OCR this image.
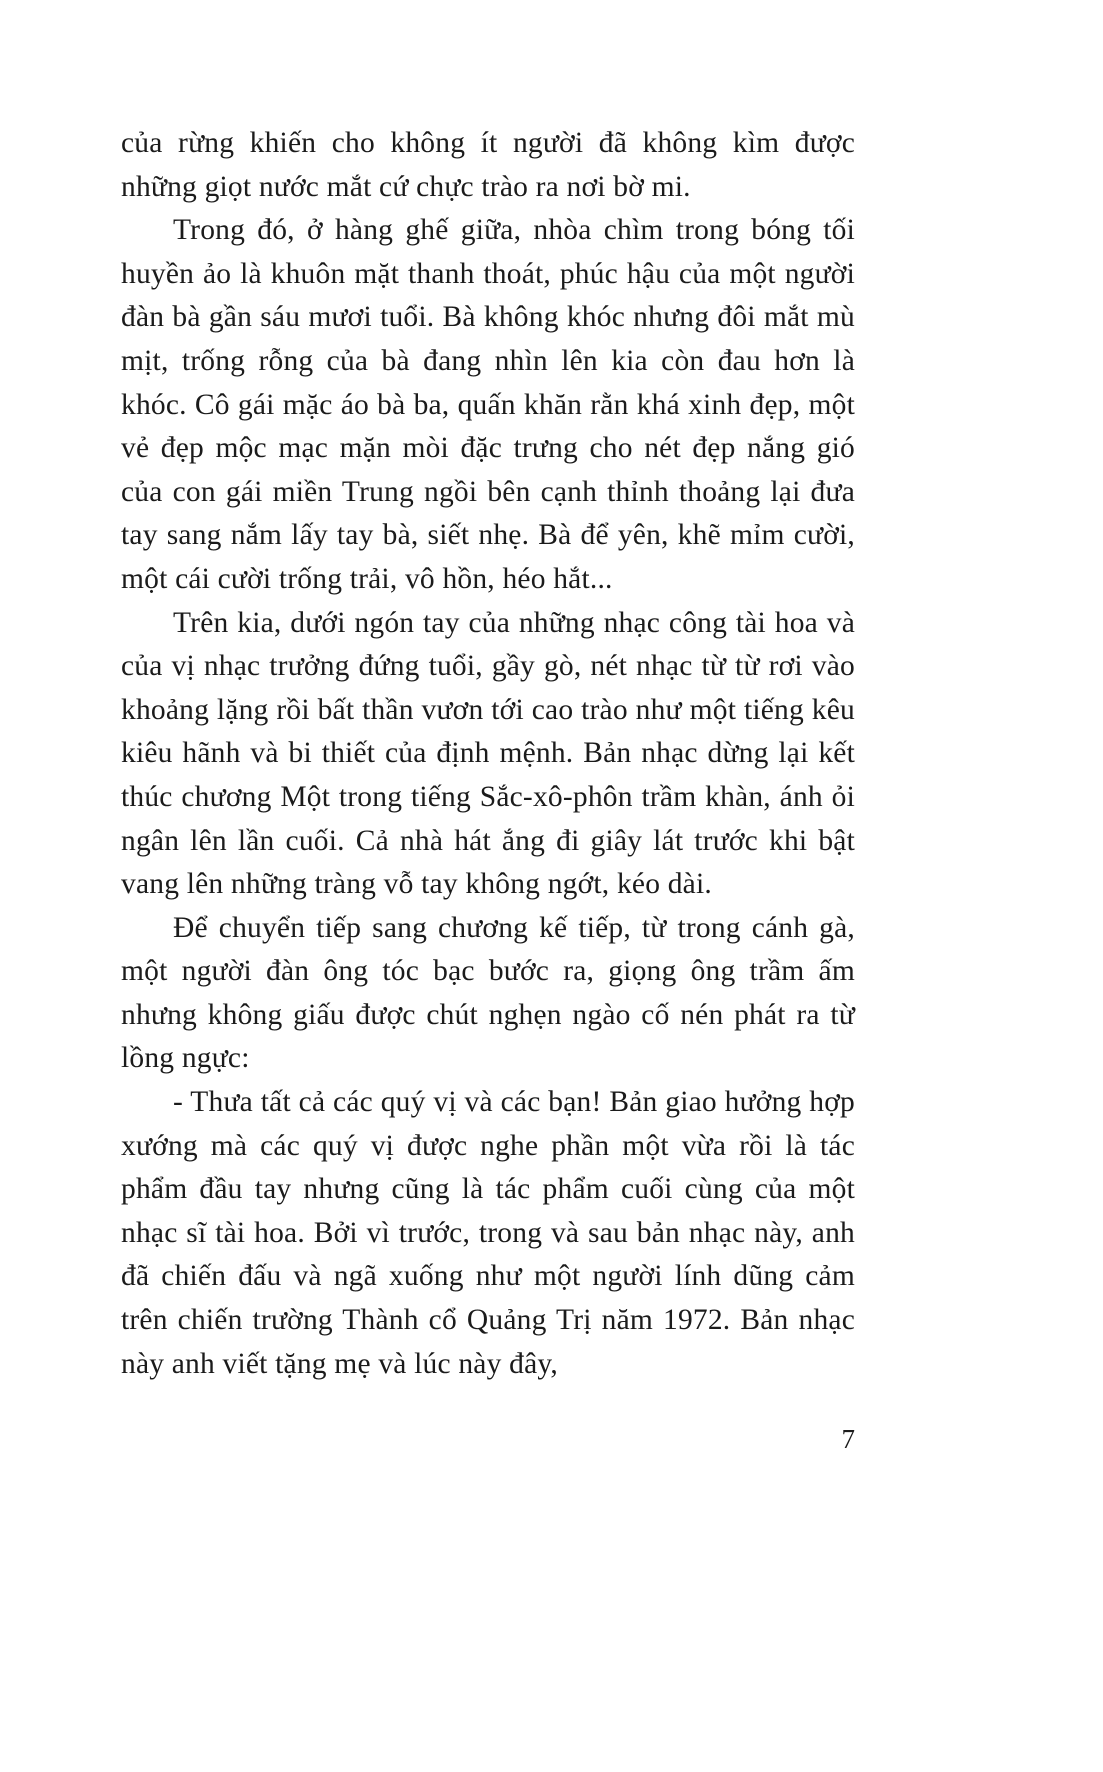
của rừng khiến cho không ít người đã không kìm được những giọt nước mắt cứ chực trào ra nơi bờ mi.

Trong đó, ở hàng ghế giữa, nhòa chìm trong bóng tối huyền ảo là khuôn mặt thanh thoát, phúc hậu của một người đàn bà gần sáu mươi tuổi. Bà không khóc nhưng đôi mắt mù mịt, trống rỗng của bà đang nhìn lên kia còn đau hơn là khóc. Cô gái mặc áo bà ba, quấn khăn rằn khá xinh đẹp, một vẻ đẹp mộc mạc mặn mòi đặc trưng cho nét đẹp nắng gió của con gái miền Trung ngồi bên cạnh thỉnh thoảng lại đưa tay sang nắm lấy tay bà, siết nhẹ. Bà để yên, khẽ mỉm cười, một cái cười trống trải, vô hồn, héo hắt...

Trên kia, dưới ngón tay của những nhạc công tài hoa và của vị nhạc trưởng đứng tuổi, gầy gò, nét nhạc từ từ rơi vào khoảng lặng rồi bất thần vươn tới cao trào như một tiếng kêu kiêu hãnh và bi thiết của định mệnh. Bản nhạc dừng lại kết thúc chương Một trong tiếng Sắc-xô-phôn trầm khàn, ánh ỏi ngân lên lần cuối. Cả nhà hát ắng đi giây lát trước khi bật vang lên những tràng vỗ tay không ngớt, kéo dài.

Để chuyển tiếp sang chương kế tiếp, từ trong cánh gà, một người đàn ông tóc bạc bước ra, giọng ông trầm ấm nhưng không giấu được chút nghẹn ngào cố nén phát ra từ lồng ngực:

- Thưa tất cả các quý vị và các bạn! Bản giao hưởng hợp xướng mà các quý vị được nghe phần một vừa rồi là tác phẩm đầu tay nhưng cũng là tác phẩm cuối cùng của một nhạc sĩ tài hoa. Bởi vì trước, trong và sau bản nhạc này, anh đã chiến đấu và ngã xuống như một người lính dũng cảm trên chiến trường Thành cổ Quảng Trị năm 1972. Bản nhạc này anh viết tặng mẹ và lúc này đây,

7
